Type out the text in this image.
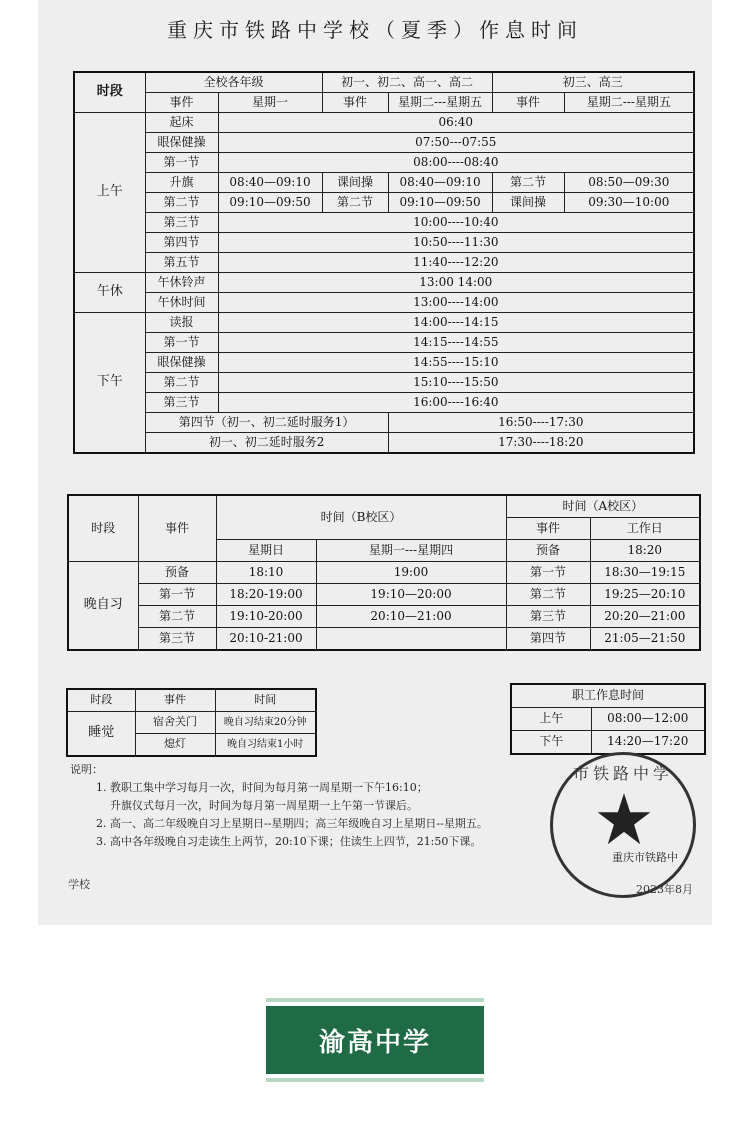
重庆市铁路中学校（夏季）作息时间
时段	全校各年级		初一、初二、高一、高二		初三、高三	
	事件	星期一	事件	星期二---星期五	事件	星期二---星期五
上午	起床	06:40				
	眼保健操	07:50---07:55				
	第一节	08:00----08:40				
	升旗	08:40—09:10	课间操	08:40—09:10	第二节	08:50—09:30
	第二节	09:10—09:50	第二节	09:10—09:50	课间操	09:30—10:00
	第三节	10:00----10:40				
	第四节	10:50----11:30				
	第五节	11:40----12:20				
午休	午休铃声	13:00 14:00				
	午休时间	13:00----14:00				
下午	读报	14:00----14:15				
	第一节	14:15----14:55				
	眼保健操	14:55----15:10				
	第二节	15:10----15:50				
	第三节	16:00----16:40				
	第四节（初一、初二延时服务1）			16:50----17:30		
	初一、初二延时服务2			17:30----18:20		
时段	事件	时间（B校区）		时间（A校区）	
				事件	工作日
		星期日	星期一---星期四	预备	18:20
晚自习	预备	18:10	19:00	第一节	18:30—19:15
	第一节	18:20-19:00	19:10—20:00	第二节	19:25—20:10
	第二节	19:10-20:00	20:10—21:00	第三节	20:20—21:00
	第三节	20:10-21:00		第四节	21:05—21:50
时段	事件	时间
睡觉	宿舍关门	晚自习结束20分钟
	熄灯	晚自习结束1小时
职工作息时间	
上午	08:00—12:00
下午	14:20—17:20

说明：

1. 教职工集中学习每月一次，时间为每月第一周星期一下午16:10；

升旗仪式每月一次，时间为每月第一周星期一上午第一节课后。

2. 高一、高二年级晚自习上星期日--星期四；高三年级晚自习上星期日--星期五。

3. 高中各年级晚自习走读生上两节，20:10下课；住读生上四节，21:50下课。

市铁路中学
重庆市铁路中
学校	2023年8月
渝高中学
